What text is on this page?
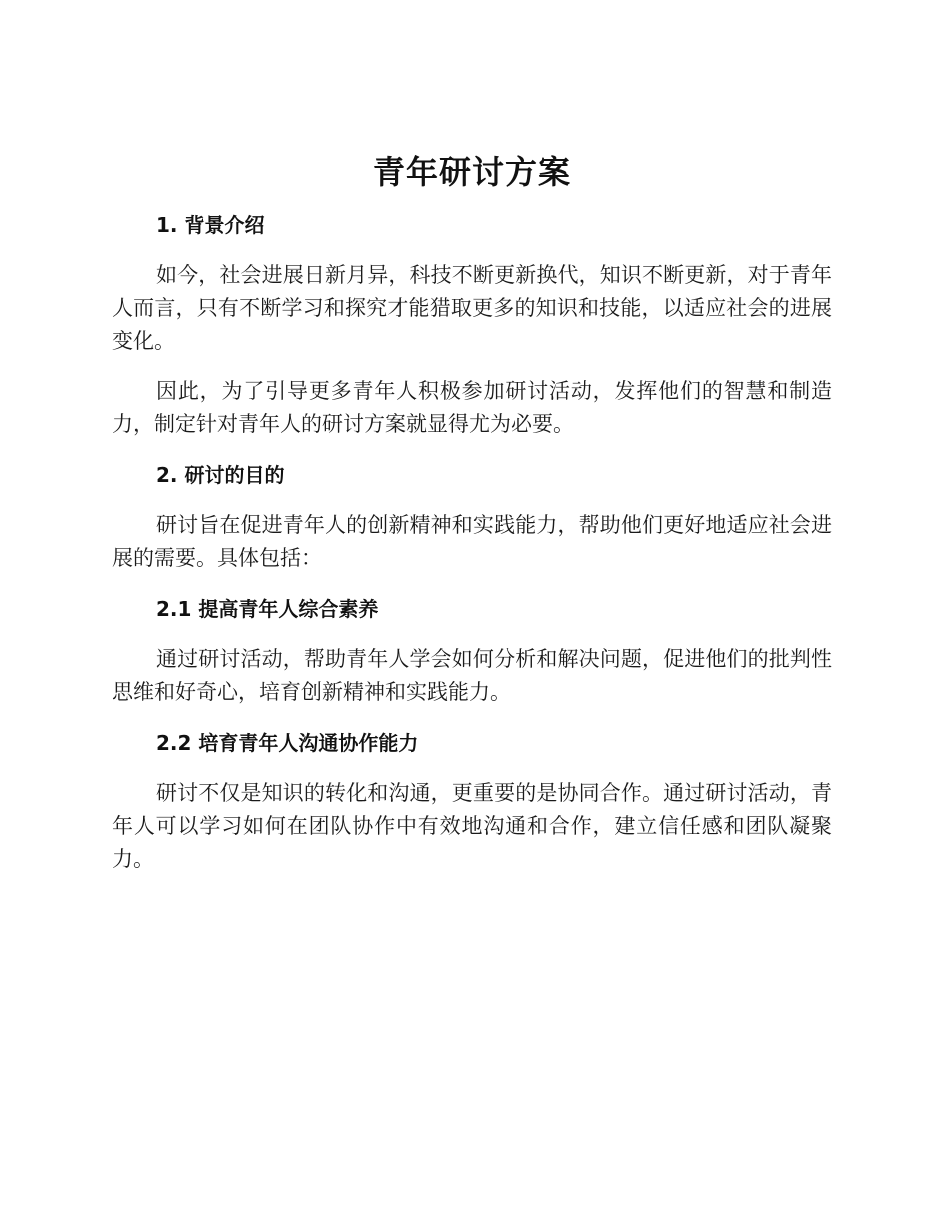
青年研讨方案
1. 背景介绍

如今，社会进展日新月异，科技不断更新换代，知识不断更新，对于青年人而言，只有不断学习和探究才能猎取更多的知识和技能，以适应社会的进展变化。

因此，为了引导更多青年人积极参加研讨活动，发挥他们的智慧和制造力，制定针对青年人的研讨方案就显得尤为必要。

2. 研讨的目的

研讨旨在促进青年人的创新精神和实践能力，帮助他们更好地适应社会进展的需要。具体包括：

2.1 提高青年人综合素养

通过研讨活动，帮助青年人学会如何分析和解决问题，促进他们的批判性思维和好奇心，培育创新精神和实践能力。

2.2 培育青年人沟通协作能力

研讨不仅是知识的转化和沟通，更重要的是协同合作。通过研讨活动，青年人可以学习如何在团队协作中有效地沟通和合作，建立信任感和团队凝聚力。
